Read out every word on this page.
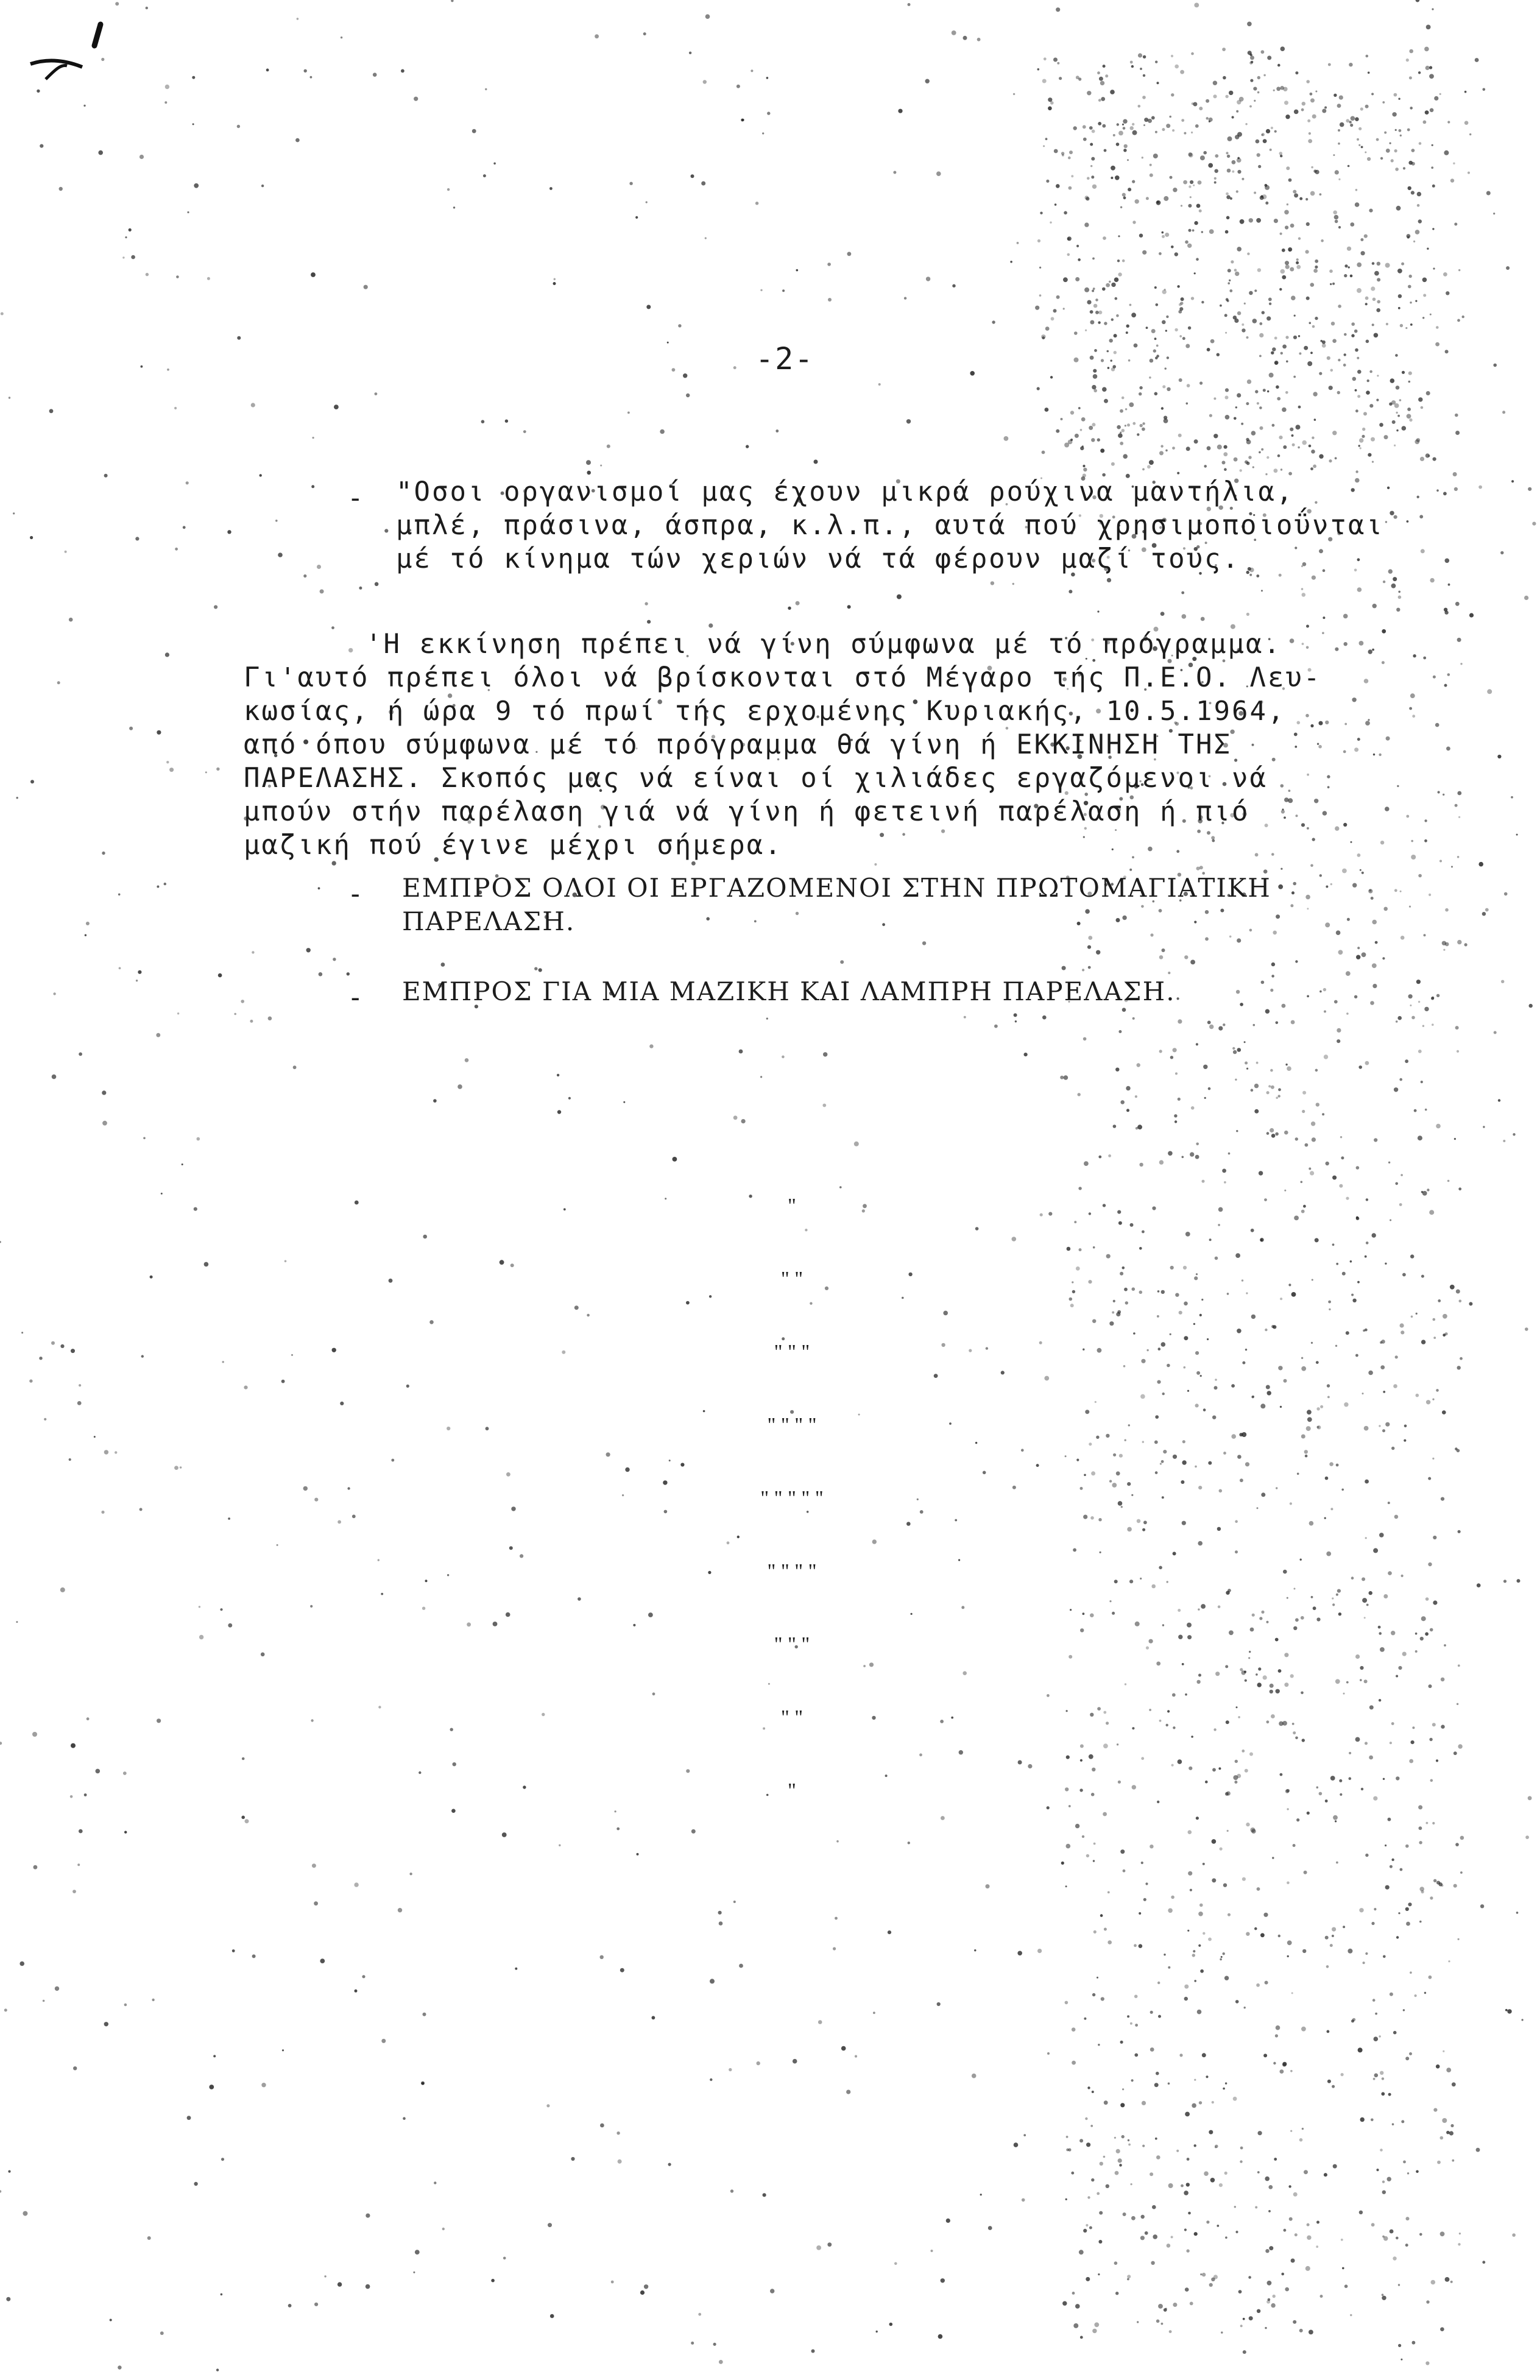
-2-
- "Οσοι οργανισμοί μας έχουν μικρά ρούχινα μαντήλια,
μπλέ, πράσινα, άσπρα, κ.λ.π., αυτά πού χρησιμοποιοΰνται
μέ τό κίνημα τών χεριών νά τά φέρουν μαζί τους.
'Η εκκίνηση πρέπει νά γίνη σύμφωνα μέ τό πρόγραμμα.
Γι'αυτό πρέπει όλοι νά βρίσκονται στό Μέγαρο τής Π.Ε.Ο. Λευ-
κωσίας, ή ώρα 9 τό πρωί τής ερχομένης Κυριακής, 10.5.1964,
από όπου σύμφωνα μέ τό πρόγραμμα θά γίνη ή ΕΚΚΙΝΗΣΗ ΤΗΣ
ΠΑΡΕΛΑΣΗΣ. Σκοπός μας νά είναι οί χιλιάδες εργαζόμενοι νά
μπούν στήν παρέλαση γιά νά γίνη ή φετεινή παρέλαση ή πιό
μαζική πού έγινε μέχρι σήμερα.
- ΕΜΠΡΟΣ ΟΛΟΙ ΟΙ ΕΡΓΑΖΟΜΕΝΟΙ ΣΤΗΝ ΠΡΩΤΟΜΑΓΙΑΤΙΚΗ
ΠΑΡΕΛΑΣΗ.
- ΕΜΠΡΟΣ ΓΙΑ ΜΙΑ ΜΑΖΙΚΗ ΚΑΙ ΛΑΜΠΡΗ ΠΑΡΕΛΑΣΗ.

"

" "

" " "

" " " "

" " " " "

" " " "

" " "

" "

"
